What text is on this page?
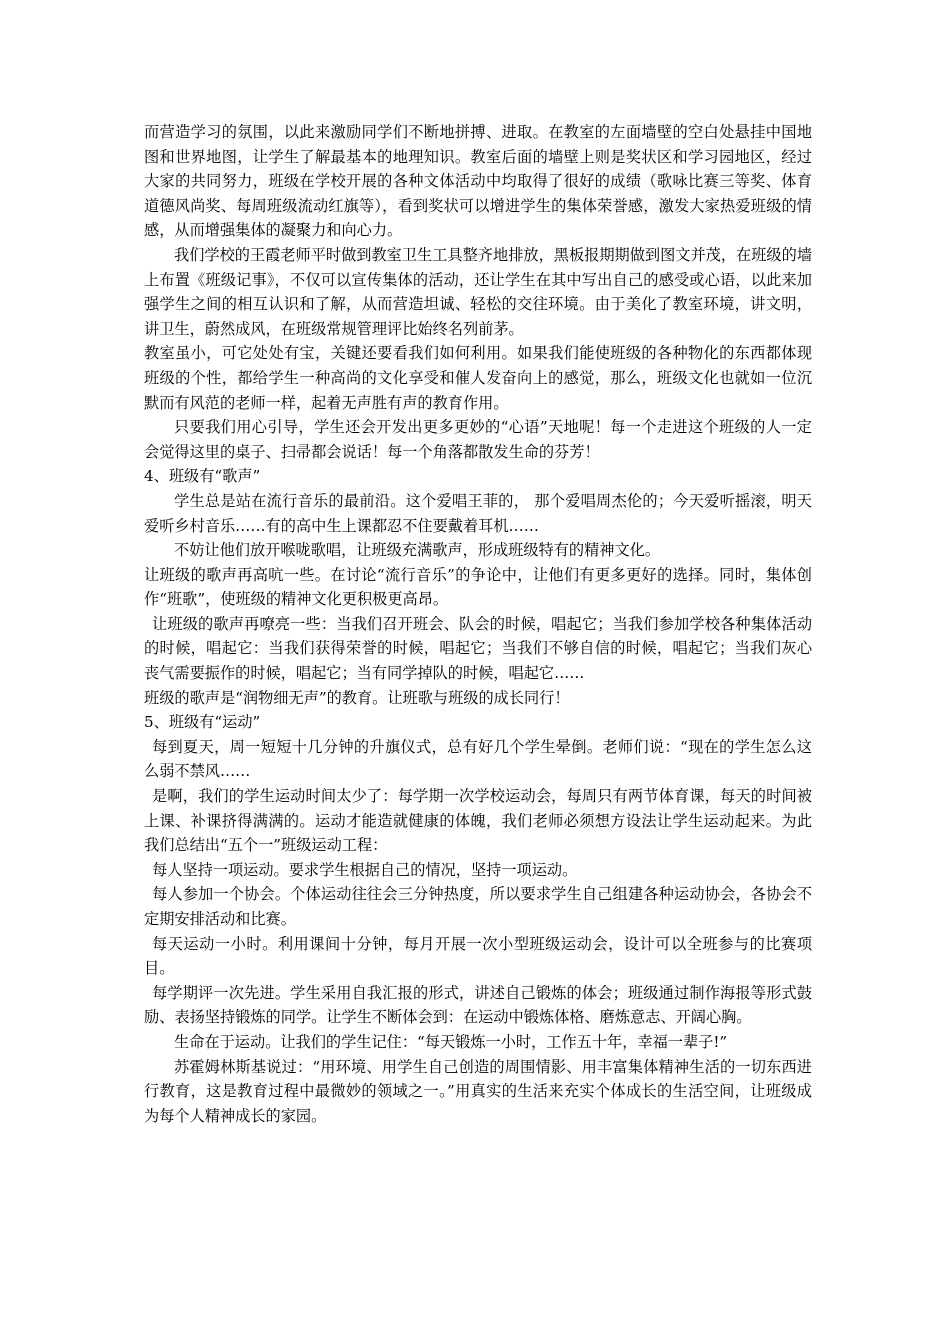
而营造学习的氛围，以此来激励同学们不断地拼搏、进取。在教室的左面墙壁的空白处悬挂中国地图和世界地图，让学生了解最基本的地理知识。教室后面的墙壁上则是奖状区和学习园地区，经过大家的共同努力，班级在学校开展的各种文体活动中均取得了很好的成绩（歌咏比赛三等奖、体育道德风尚奖、每周班级流动红旗等），看到奖状可以增进学生的集体荣誉感，激发大家热爱班级的情感，从而增强集体的凝聚力和向心力。

我们学校的王霞老师平时做到教室卫生工具整齐地排放，黑板报期期做到图文并茂，在班级的墙上布置《班级记事》，不仅可以宣传集体的活动，还让学生在其中写出自己的感受或心语，以此来加强学生之间的相互认识和了解，从而营造坦诚、轻松的交往环境。由于美化了教室环境，讲文明，讲卫生，蔚然成风，在班级常规管理评比始终名列前茅。

教室虽小，可它处处有宝，关键还要看我们如何利用。如果我们能使班级的各种物化的东西都体现班级的个性，都给学生一种高尚的文化享受和催人发奋向上的感觉，那么，班级文化也就如一位沉默而有风范的老师一样，起着无声胜有声的教育作用。

只要我们用心引导，学生还会开发出更多更妙的“心语”天地呢！每一个走进这个班级的人一定会觉得这里的桌子、扫帚都会说话！每一个角落都散发生命的芬芳！

4、班级有“歌声”

学生总是站在流行音乐的最前沿。这个爱唱王菲的， 那个爱唱周杰伦的；今天爱听摇滚，明天爱听乡村音乐……有的高中生上课都忍不住要戴着耳机……

不妨让他们放开喉咙歌唱，让班级充满歌声，形成班级特有的精神文化。

让班级的歌声再高吭一些。在讨论“流行音乐”的争论中，让他们有更多更好的选择。同时，集体创作“班歌”，使班级的精神文化更积极更高昂。

让班级的歌声再嘹亮一些：当我们召开班会、队会的时候，唱起它；当我们参加学校各种集体活动的时候，唱起它：当我们获得荣誉的时候，唱起它；当我们不够自信的时候，唱起它；当我们灰心丧气需要振作的时候，唱起它；当有同学掉队的时候，唱起它……

班级的歌声是“润物细无声”的教育。让班歌与班级的成长同行！

5、班级有“运动”

每到夏天，周一短短十几分钟的升旗仪式，总有好几个学生晕倒。老师们说：“现在的学生怎么这么弱不禁风……

是啊，我们的学生运动时间太少了：每学期一次学校运动会，每周只有两节体育课，每天的时间被上课、补课挤得满满的。运动才能造就健康的体魄，我们老师必须想方设法让学生运动起来。为此我们总结出“五个一”班级运动工程：

每人坚持一项运动。要求学生根据自己的情况，坚持一项运动。

每人参加一个协会。个体运动往往会三分钟热度，所以要求学生自己组建各种运动协会，各协会不定期安排活动和比赛。

每天运动一小时。利用课间十分钟，每月开展一次小型班级运动会，设计可以全班参与的比赛项目。

每学期评一次先进。学生采用自我汇报的形式，讲述自己锻炼的体会；班级通过制作海报等形式鼓励、表扬坚持锻炼的同学。让学生不断体会到：在运动中锻炼体格、磨炼意志、开阔心胸。

生命在于运动。让我们的学生记住：“每天锻炼一小时，工作五十年，幸福一辈子!”

苏霍姆林斯基说过：“用环境、用学生自己创造的周围情影、用丰富集体精神生活的一切东西进行教育，这是教育过程中最微妙的领域之一。”用真实的生活来充实个体成长的生活空间，让班级成为每个人精神成长的家园。
